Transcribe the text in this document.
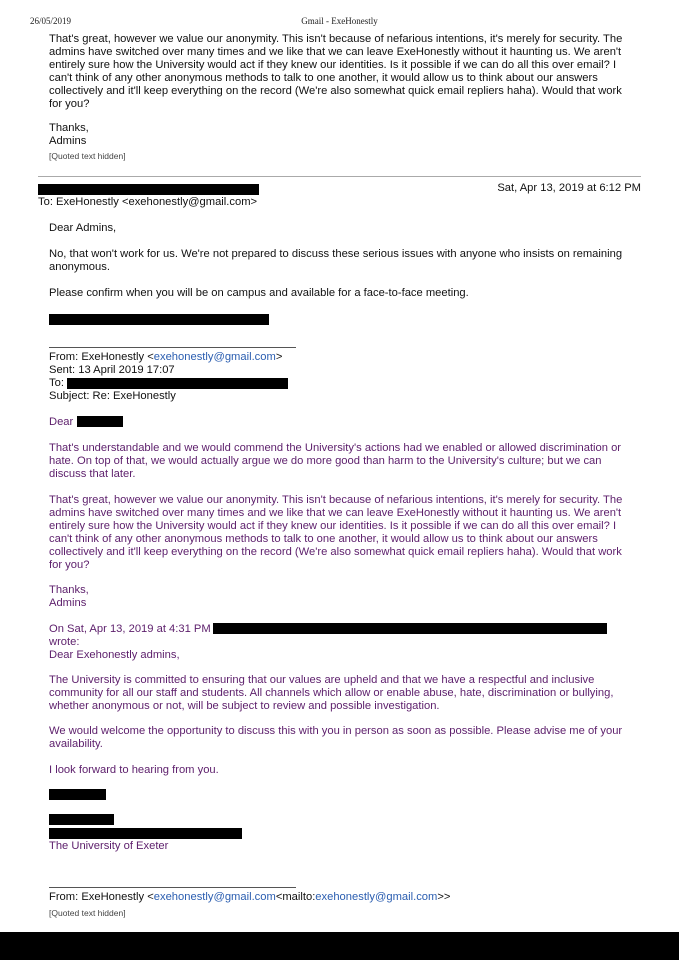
26/05/2019	Gmail - ExeHonestly

That's great, however we value our anonymity. This isn't because of nefarious intentions, it's merely for security. The admins have switched over many times and we like that we can leave ExeHonestly without it haunting us. We aren't entirely sure how the University would act if they knew our identities. Is it possible if we can do all this over email? I can't think of any other anonymous methods to talk to one another, it would allow us to think about our answers collectively and it'll keep everything on the record (We're also somewhat quick email repliers haha). Would that work for you?

Thanks,
Admins
[Quoted text hidden]
Sat, Apr 13, 2019 at 6:12 PM
To: ExeHonestly <exehonestly@gmail.com>
Dear Admins,

No, that won't work for us. We're not prepared to discuss these serious issues with anyone who insists on remaining anonymous.

Please confirm when you will be on campus and available for a face-to-face meeting.

From: ExeHonestly <exehonestly@gmail.com>
Sent: 13 April 2019 17:07
To:
Subject: Re: ExeHonestly
Dear

That's understandable and we would commend the University's actions had we enabled or allowed discrimination or hate. On top of that, we would actually argue we do more good than harm to the University's culture; but we can discuss that later.

That's great, however we value our anonymity. This isn't because of nefarious intentions, it's merely for security. The admins have switched over many times and we like that we can leave ExeHonestly without it haunting us. We aren't entirely sure how the University would act if they knew our identities. Is it possible if we can do all this over email? I can't think of any other anonymous methods to talk to one another, it would allow us to think about our answers collectively and it'll keep everything on the record (We're also somewhat quick email repliers haha). Would that work for you?

Thanks,
Admins
On Sat, Apr 13, 2019 at 4:31 PM
wrote:
Dear Exehonestly admins,

The University is committed to ensuring that our values are upheld and that we have a respectful and inclusive community for all our staff and students. All channels which allow or enable abuse, hate, discrimination or bullying, whether anonymous or not, will be subject to review and possible investigation.

We would welcome the opportunity to discuss this with you in person as soon as possible. Please advise me of your availability.

I look forward to hearing from you.
The University of Exeter
From: ExeHonestly <exehonestly@gmail.com<mailto:exehonestly@gmail.com>>
[Quoted text hidden]
